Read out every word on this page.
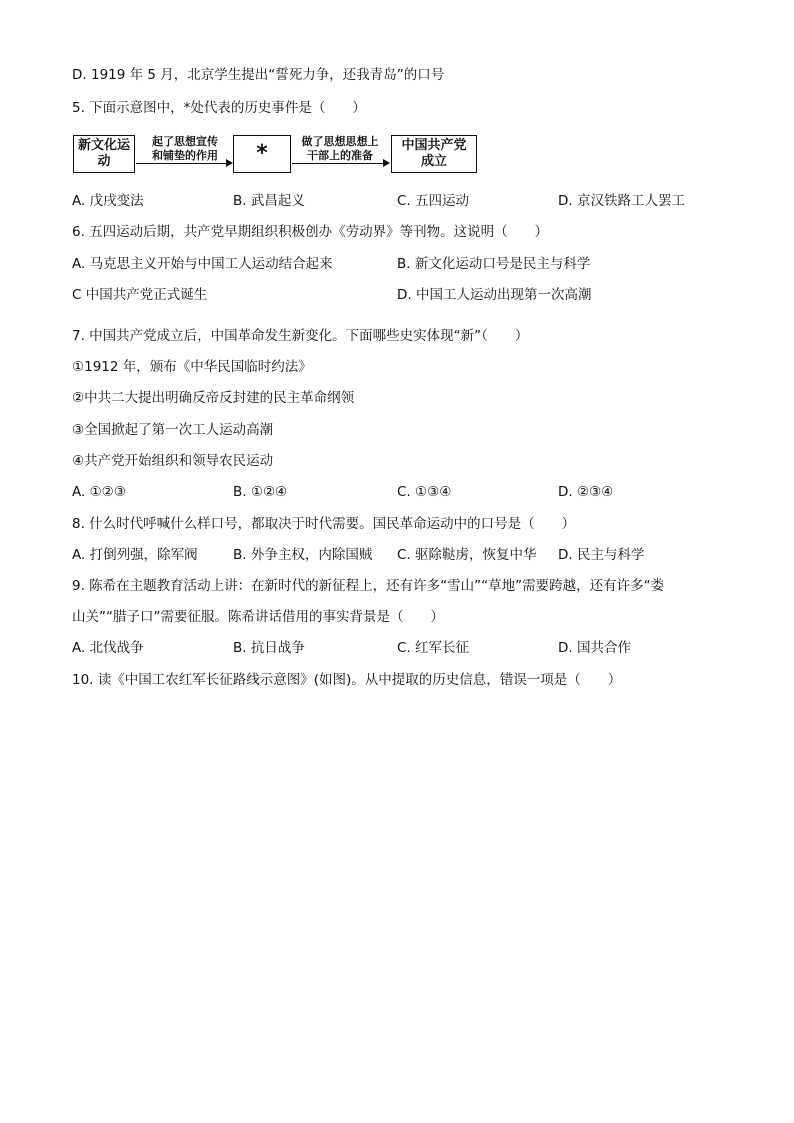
D. 1919 年 5 月，北京学生提出“誓死力争，还我青岛”的口号
5. 下面示意图中，*处代表的历史事件是（　　）
新文化运动
起了思想宣传
和铺垫的作用	*	做了思想思想上
干部上的准备
中国共产党成立
A. 戊戌变法	B. 武昌起义	C. 五四运动	D. 京汉铁路工人罢工
6. 五四运动后期，共产党早期组织积极创办《劳动界》等刊物。这说明（　　）
A. 马克思主义开始与中国工人运动结合起来	B. 新文化运动口号是民主与科学
C 中国共产党正式诞生	D. 中国工人运动出现第一次高潮
7. 中国共产党成立后，中国革命发生新变化。下面哪些史实体现“新”（　　）
①1912 年，颁布《中华民国临时约法》
②中共二大提出明确反帝反封建的民主革命纲领
③全国掀起了第一次工人运动高潮
④共产党开始组织和领导农民运动
A. ①②③	B. ①②④	C. ①③④	D. ②③④
8. 什么时代呼喊什么样口号，都取决于时代需要。国民革命运动中的口号是（　　）
A. 打倒列强，除军阀	B. 外争主权，内除国贼 C. 驱除鞑虏，恢复中华 D. 民主与科学
9. 陈希在主题教育活动上讲：在新时代的新征程上，还有许多“雪山”“草地”需要跨越，还有许多“娄
山关”“腊子口”需要征服。陈希讲话借用的事实背景是（　　）
A. 北伐战争	B. 抗日战争	C. 红军长征	D. 国共合作
10. 读《中国工农红军长征路线示意图》(如图)。从中提取的历史信息，错误一项是（　　）
